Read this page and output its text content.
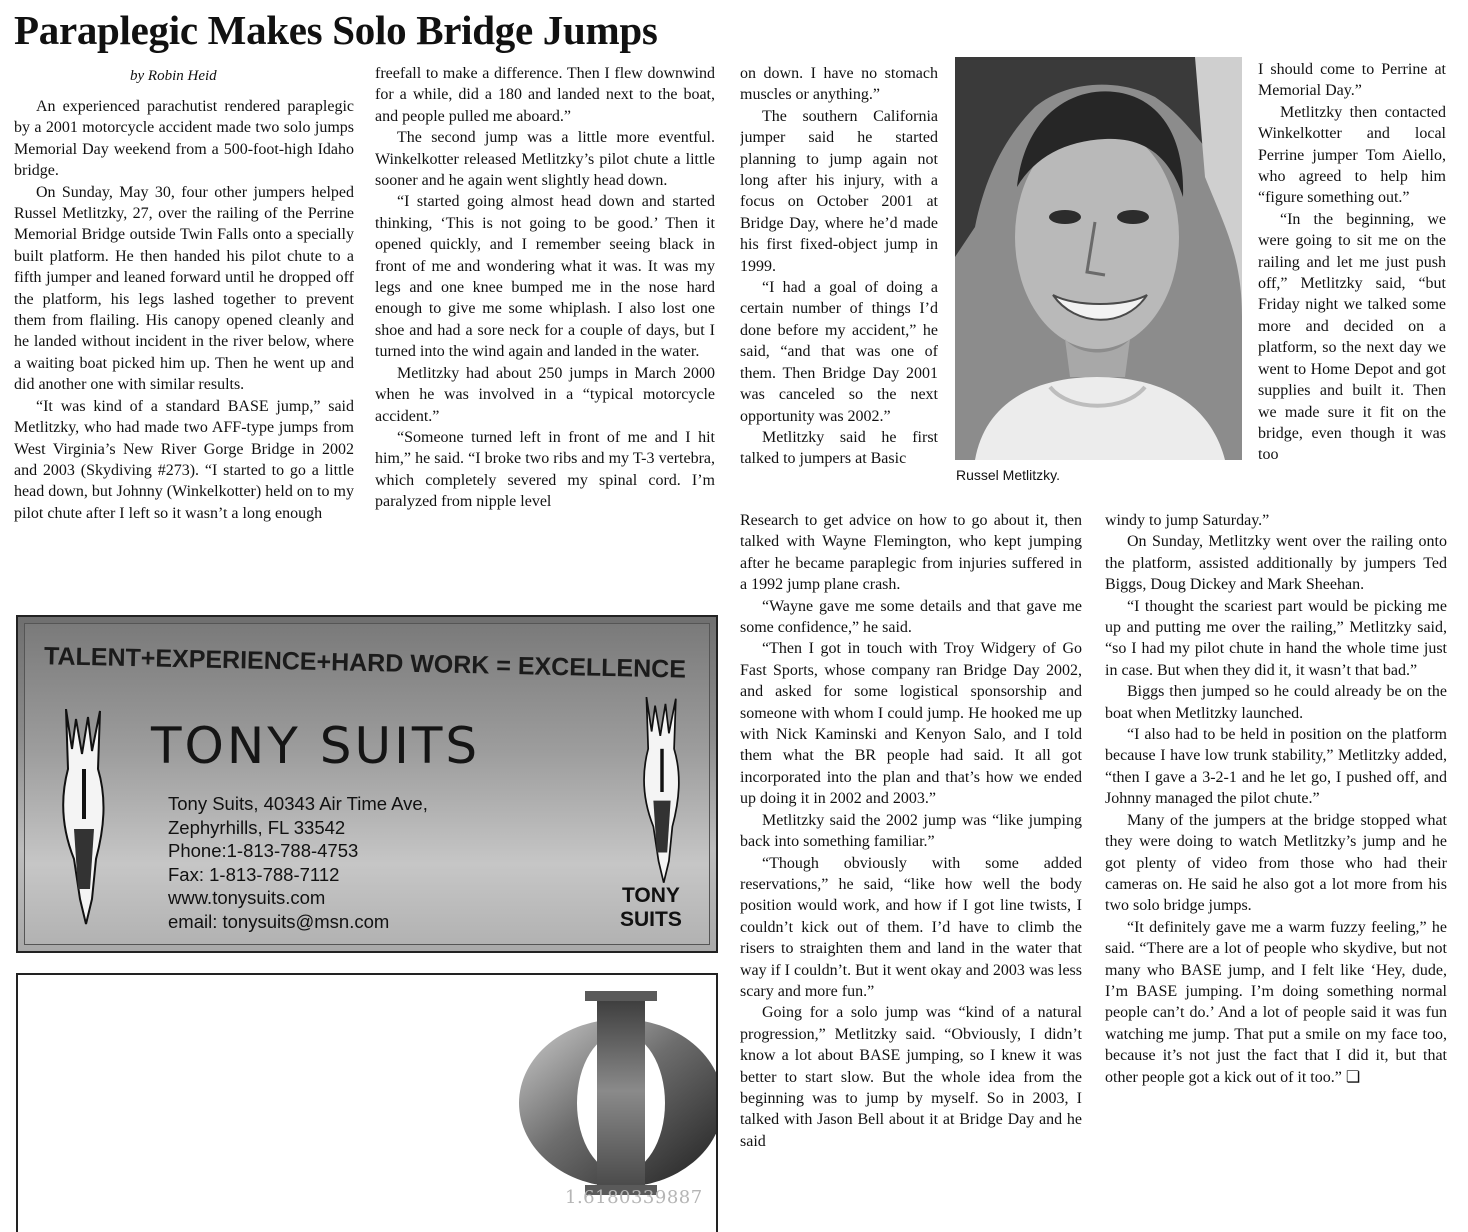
Paraplegic Makes Solo Bridge Jumps
by Robin Heid

An experienced parachutist rendered paraplegic by a 2001 motorcycle accident made two solo jumps Memorial Day weekend from a 500-foot-high Idaho bridge.

On Sunday, May 30, four other jumpers helped Russel Metlitzky, 27, over the railing of the Perrine Memorial Bridge outside Twin Falls onto a specially built platform. He then handed his pilot chute to a fifth jumper and leaned forward until he dropped off the platform, his legs lashed together to prevent them from flailing. His canopy opened cleanly and he landed without incident in the river below, where a waiting boat picked him up. Then he went up and did another one with similar results.

“It was kind of a standard BASE jump,” said Metlitzky, who had made two AFF-type jumps from West Virginia’s New River Gorge Bridge in 2002 and 2003 (Skydiving #273). “I started to go a little head down, but Johnny (Winkelkotter) held on to my pilot chute after I left so it wasn’t a long enough

freefall to make a difference. Then I flew downwind for a while, did a 180 and landed next to the boat, and people pulled me aboard.”

The second jump was a little more eventful. Winkelkotter released Metlitzky’s pilot chute a little sooner and he again went slightly head down.

“I started going almost head down and started thinking, ‘This is not going to be good.’ Then it opened quickly, and I remember seeing black in front of me and wondering what it was. It was my legs and one knee bumped me in the nose hard enough to give me some whiplash. I also lost one shoe and had a sore neck for a couple of days, but I turned into the wind again and landed in the water.

Metlitzky had about 250 jumps in March 2000 when he was involved in a “typical motorcycle accident.”

“Someone turned left in front of me and I hit him,” he said. “I broke two ribs and my T-3 vertebra, which completely severed my spinal cord. I’m paralyzed from nipple level

on down. I have no stomach muscles or anything.”

The southern California jumper said he started planning to jump again not long after his injury, with a focus on October 2001 at Bridge Day, where he’d made his first fixed-object jump in 1999.

“I had a goal of doing a certain number of things I’d done before my accident,” he said, “and that was one of them. Then Bridge Day 2001 was canceled so the next opportunity was 2002.”

Metlitzky said he first talked to jumpers at Basic

Russel Metlitzky.

Research to get advice on how to go about it, then talked with Wayne Flemington, who kept jumping after he became paraplegic from injuries suffered in a 1992 jump plane crash.

“Wayne gave me some details and that gave me some confidence,” he said.

“Then I got in touch with Troy Widgery of Go Fast Sports, whose company ran Bridge Day 2002, and asked for some logistical sponsorship and someone with whom I could jump. He hooked me up with Nick Kaminski and Kenyon Salo, and I told them what the BR people had said. It all got incorporated into the plan and that’s how we ended up doing it in 2002 and 2003.”

Metlitzky said the 2002 jump was “like jumping back into something familiar.”

“Though obviously with some added reservations,” he said, “like how well the body position would work, and how if I got line twists, I couldn’t kick out of them. I’d have to climb the risers to straighten them and land in the water that way if I couldn’t. But it went okay and 2003 was less scary and more fun.”

Going for a solo jump was “kind of a natural progression,” Metlitzky said. “Obviously, I didn’t know a lot about BASE jumping, so I knew it was better to start slow. But the whole idea from the beginning was to jump by myself. So in 2003, I talked with Jason Bell about it at Bridge Day and he said

I should come to Perrine at Memorial Day.”

Metlitzky then contacted Winkelkotter and local Perrine jumper Tom Aiello, who agreed to help him “figure something out.”

“In the beginning, we were going to sit me on the railing and let me just push off,” Metlitzky said, “but Friday night we talked some more and decided on a platform, so the next day we went to Home Depot and got supplies and built it. Then we made sure it fit on the bridge, even though it was too

windy to jump Saturday.”

On Sunday, Metlitzky went over the railing onto the platform, assisted additionally by jumpers Ted Biggs, Doug Dickey and Mark Sheehan.

“I thought the scariest part would be picking me up and putting me over the railing,” Metlitzky said, “so I had my pilot chute in hand the whole time just in case. But when they did it, it wasn’t that bad.”

Biggs then jumped so he could already be on the boat when Metlitzky launched.

“I also had to be held in position on the platform because I have low trunk stability,” Metlitzky added, “then I gave a 3-2-1 and he let go, I pushed off, and Johnny managed the pilot chute.”

Many of the jumpers at the bridge stopped what they were doing to watch Metlitzky’s jump and he got plenty of video from those who had their cameras on. He said he also got a lot more from his two solo bridge jumps.

“It definitely gave me a warm fuzzy feeling,” he said. “There are a lot of people who skydive, but not many who BASE jump, and I felt like ‘Hey, dude, I’m BASE jumping. I’m doing something normal people can’t do.’ And a lot of people said it was fun watching me jump. That put a smile on my face too, because it’s not just the fact that I did it, but that other people got a kick out of it too.” ❏

TALENT+EXPERIENCE+HARD WORK = EXCELLENCE
TONY SUITS
Tony Suits, 40343 Air Time Ave,
Zephyrhills, FL 33542
Phone:1-813-788-4753
Fax: 1-813-788-7112
www.tonysuits.com
email: tonysuits@msn.com
TONY
SUITS
1.6180339887
